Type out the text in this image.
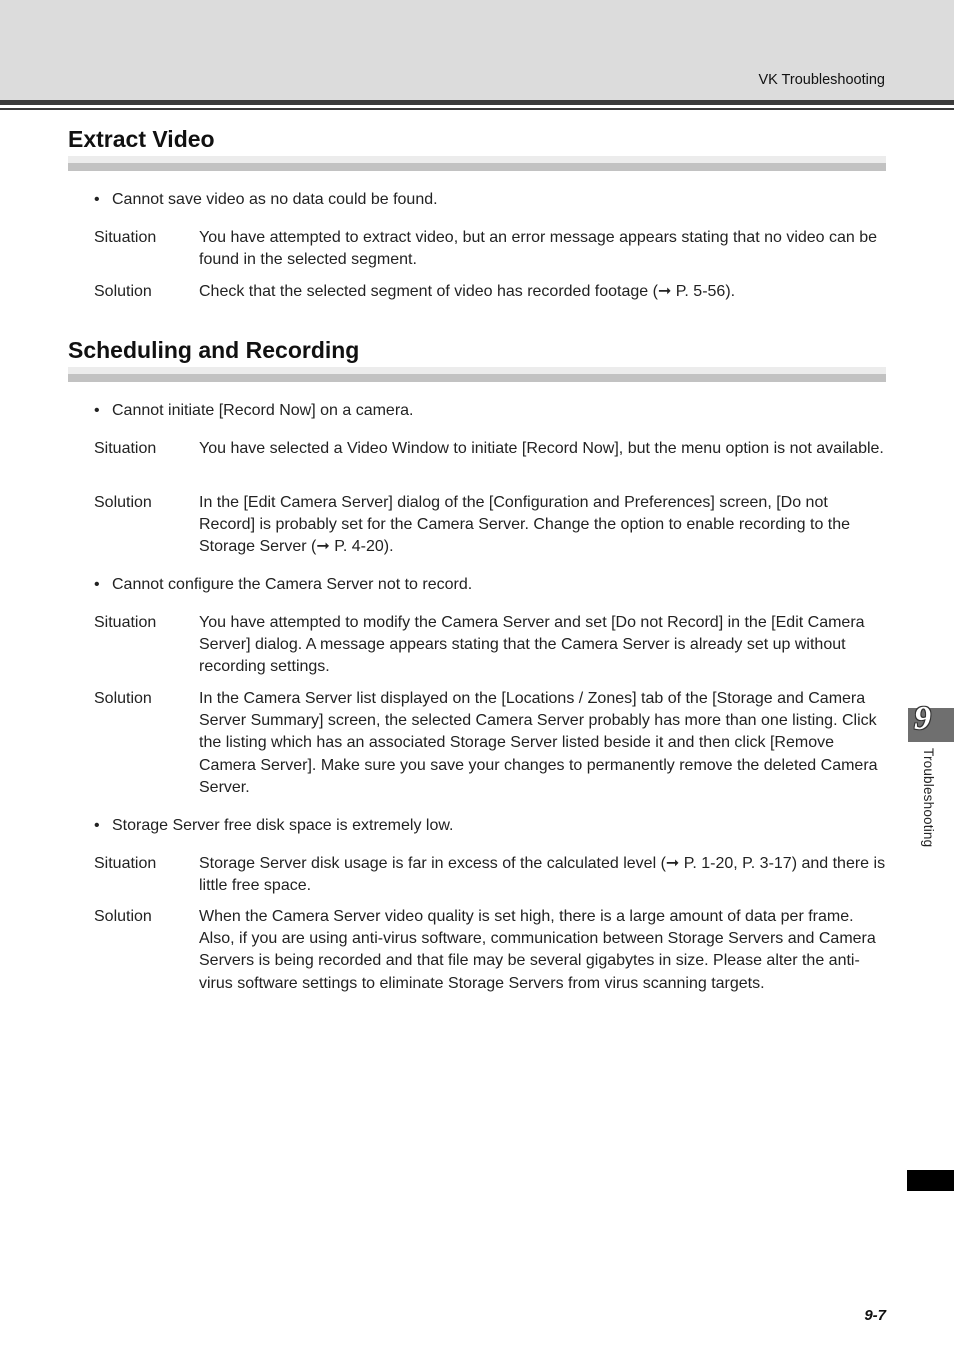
VK Troubleshooting
Extract Video
• Cannot save video as no data could be found.
Situation	You have attempted to extract video, but an error message appears stating that no video can be found in the selected segment.
Solution	Check that the selected segment of video has recorded footage (➞ P. 5-56).
Scheduling and Recording
• Cannot initiate [Record Now] on a camera.
Situation	You have selected a Video Window to initiate [Record Now], but the menu option is not available.
Solution	In the [Edit Camera Server] dialog of the [Configuration and Preferences] screen, [Do not Record] is probably set for the Camera Server. Change the option to enable recording to the Storage Server (➞ P. 4-20).
• Cannot configure the Camera Server not to record.
Situation	You have attempted to modify the Camera Server and set [Do not Record] in the [Edit Camera Server] dialog. A message appears stating that the Camera Server is already set up without recording settings.
Solution	In the Camera Server list displayed on the [Locations / Zones] tab of the [Storage and Camera Server Summary] screen, the selected Camera Server probably has more than one listing. Click the listing which has an associated Storage Server listed beside it and then click [Remove Camera Server]. Make sure you save your changes to permanently remove the deleted Camera Server.
• Storage Server free disk space is extremely low.
Situation	Storage Server disk usage is far in excess of the calculated level (➞ P. 1-20, P. 3-17) and there is little free space.
Solution	When the Camera Server video quality is set high, there is a large amount of data per frame. Also, if you are using anti-virus software, communication between Storage Servers and Camera Servers is being recorded and that file may be several gigabytes in size. Please alter the anti-virus software settings to eliminate Storage Servers from virus scanning targets.
9
Troubleshooting
9-7
